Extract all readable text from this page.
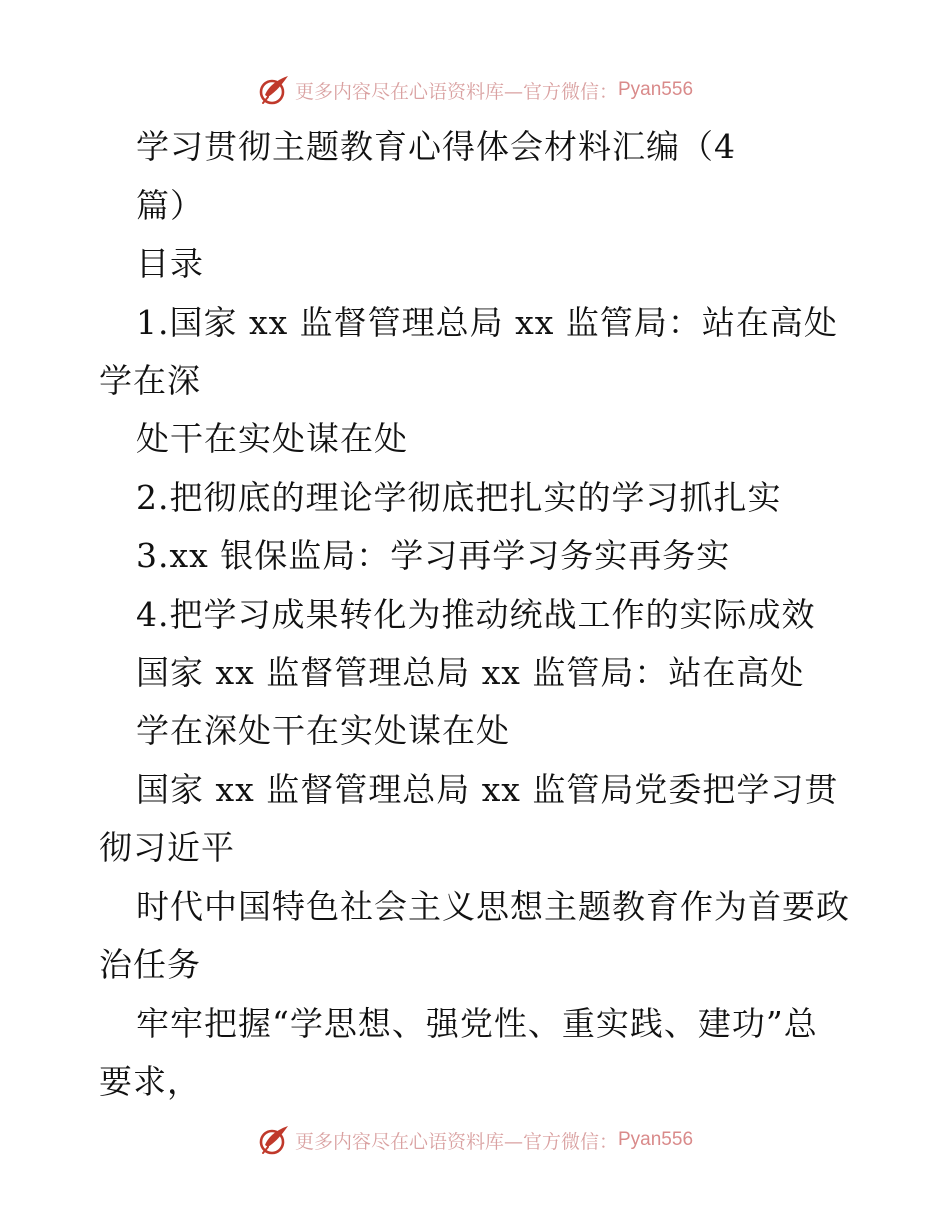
更多内容尽在心语资料库—官方微信： Pyan556
学习贯彻主题教育心得体会材料汇编（4
篇）
目录
1.国家 xx 监督管理总局 xx 监管局：站在高处
学在深
处干在实处谋在处
2.把彻底的理论学彻底把扎实的学习抓扎实
3.xx 银保监局：学习再学习务实再务实
4.把学习成果转化为推动统战工作的实际成效
国家 xx 监督管理总局 xx 监管局：站在高处
学在深处干在实处谋在处
国家 xx 监督管理总局 xx 监管局党委把学习贯
彻习近平
时代中国特色社会主义思想主题教育作为首要政
治任务
牢牢把握“学思想、强党性、重实践、建功”总
要求，
更多内容尽在心语资料库—官方微信： Pyan556
